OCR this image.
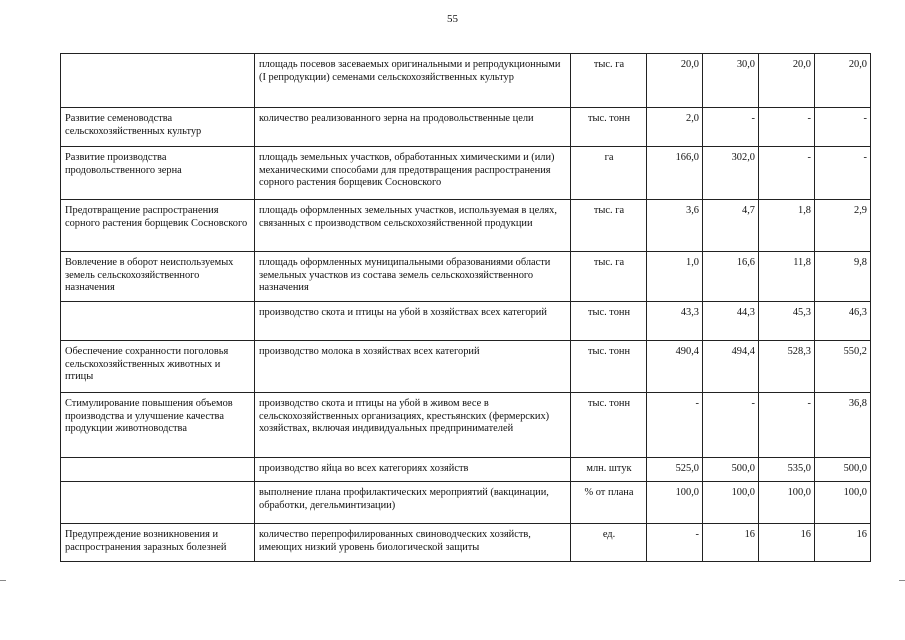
55
	площадь посевов засеваемых оригинальными и репродукционными (I репродукции) семенами сельскохозяйственных культур	тыс. га	20,0	30,0	20,0	20,0
Развитие семеноводства сельскохозяйственных культур	количество реализованного зерна на продовольственные цели	тыс. тонн	2,0	-	-	-
Развитие производства продовольственного зерна	площадь земельных участков, обработанных химическими и (или) механическими способами для предотвращения распространения сорного растения борщевик Сосновского	га	166,0	302,0	-	-
Предотвращение распространения сорного растения борщевик Сосновского	площадь оформленных земельных участков, используемая в целях, связанных с производством сельскохозяйственной продукции	тыс. га	3,6	4,7	1,8	2,9
Вовлечение в оборот неиспользуемых земель сельскохозяйственного назначения	площадь оформленных муниципальными образованиями области земельных участков из состава земель сельскохозяйственного назначения	тыс. га	1,0	16,6	11,8	9,8
	производство скота и птицы на убой в хозяйствах всех категорий	тыс. тонн	43,3	44,3	45,3	46,3
Обеспечение сохранности поголовья сельскохозяйственных животных и птицы	производство молока в хозяйствах всех категорий	тыс. тонн	490,4	494,4	528,3	550,2
Стимулирование повышения объемов производства и улучшение качества продукции животноводства	производство скота и птицы на убой в живом весе в сельскохозяйственных организациях, крестьянских (фермерских) хозяйствах, включая индивидуальных предпринимателей	тыс. тонн	-	-	-	36,8
	производство яйца во всех категориях хозяйств	млн. штук	525,0	500,0	535,0	500,0
	выполнение плана профилактических мероприятий (вакцинации, обработки, дегельминтизации)	% от плана	100,0	100,0	100,0	100,0
Предупреждение возникновения и распространения заразных болезней	количество перепрофилированных свиноводческих хозяйств, имеющих низкий уровень биологической защиты	ед.	-	16	16	16
